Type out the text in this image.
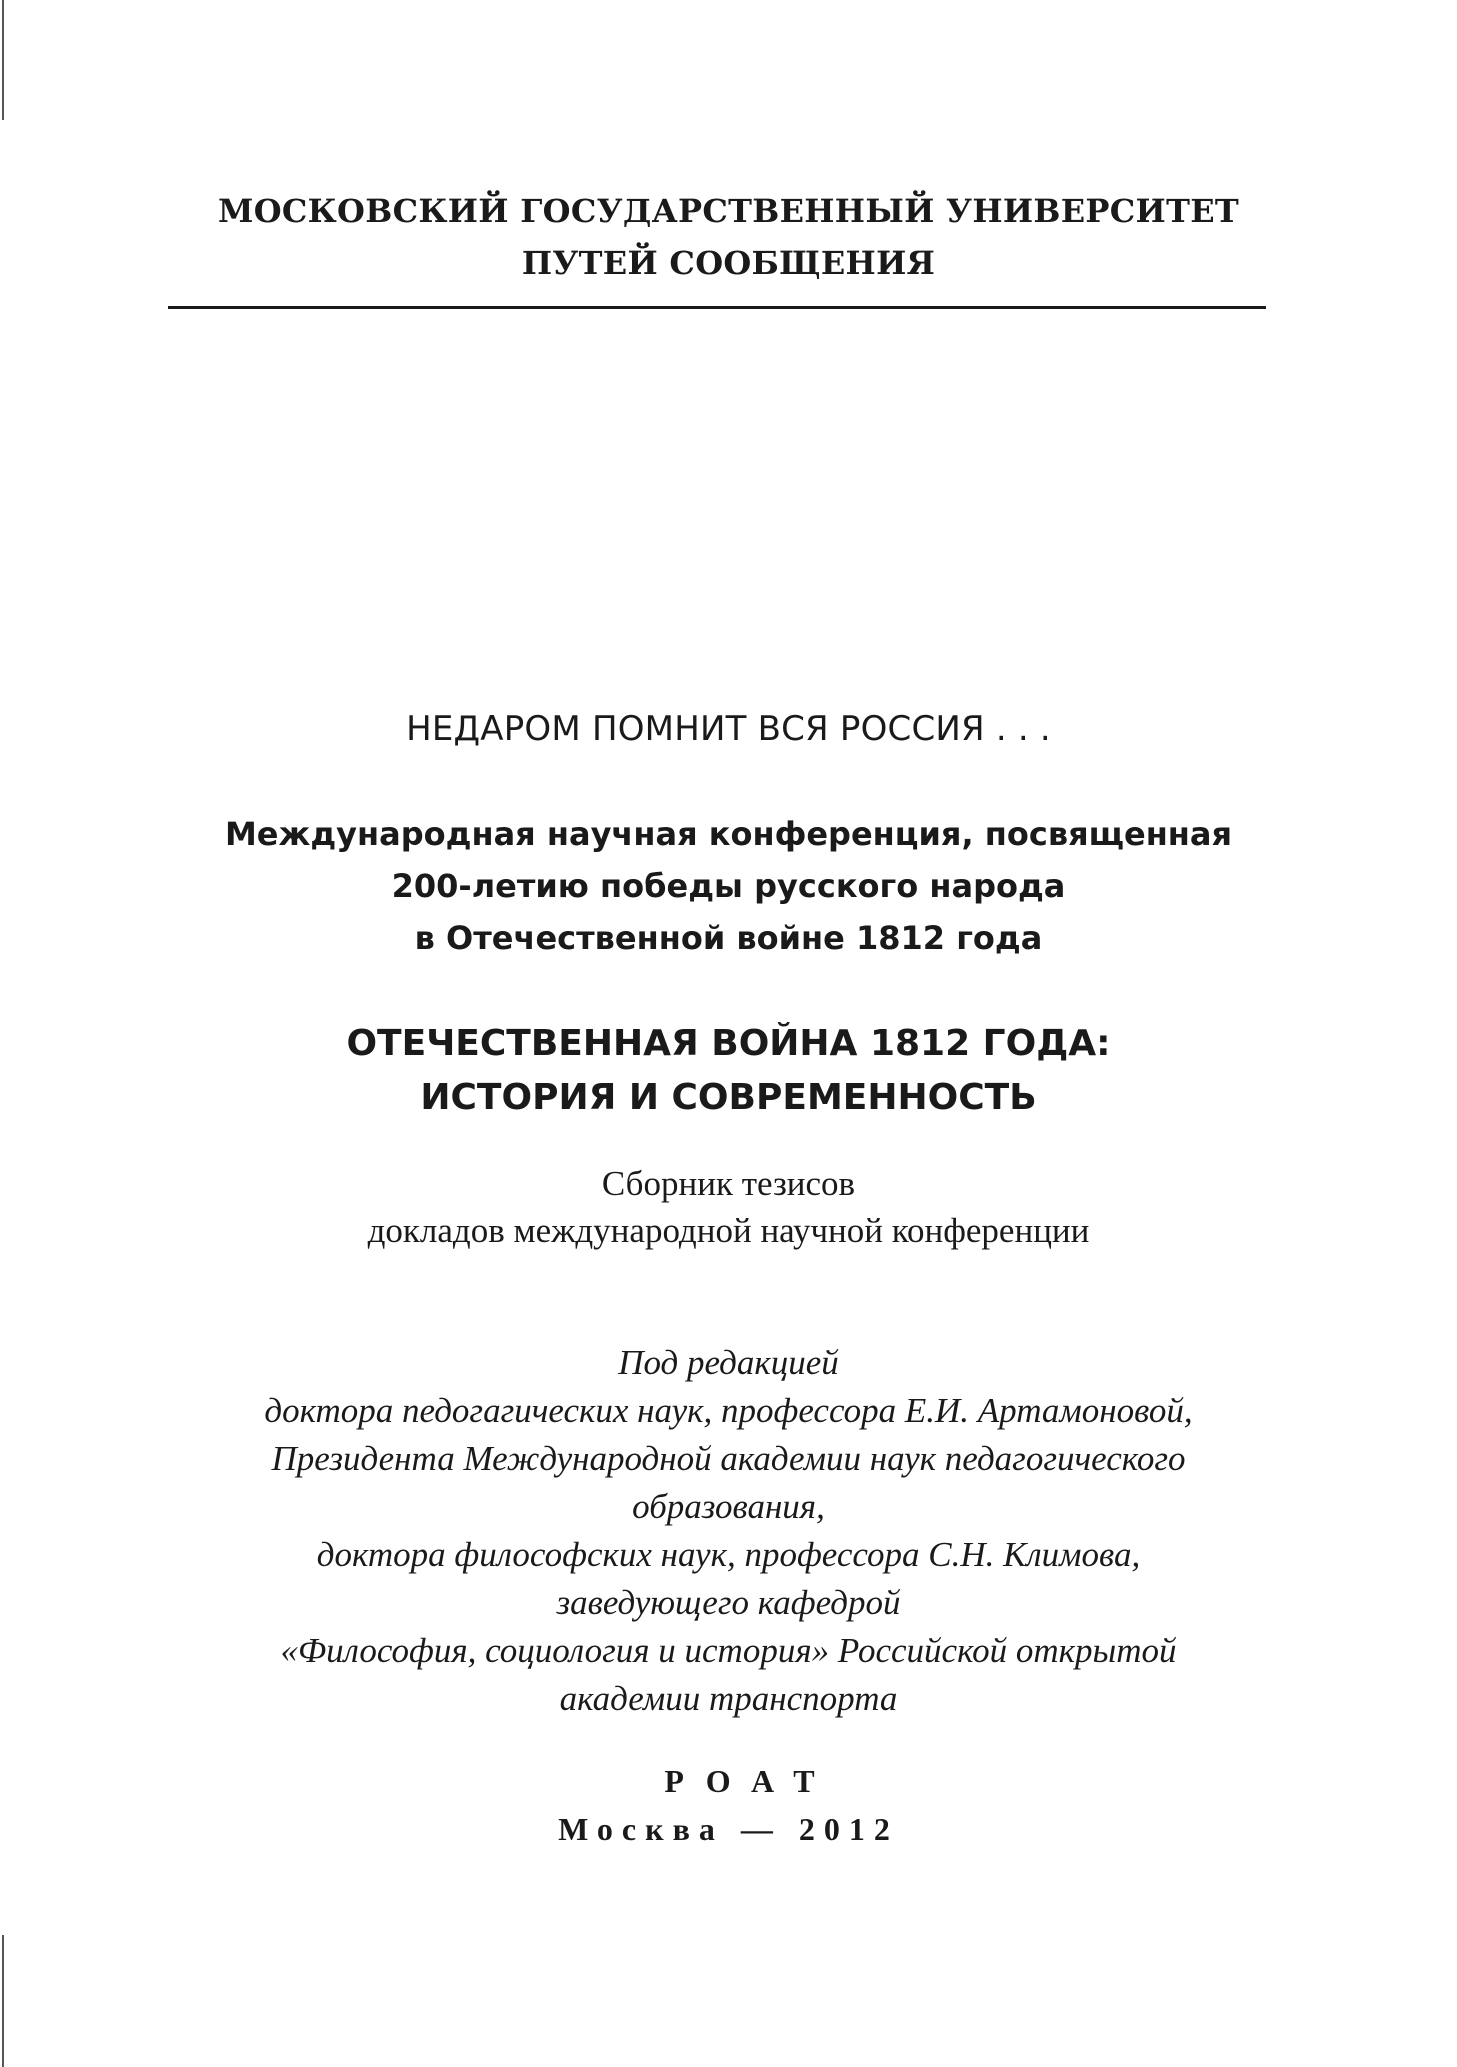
МОСКОВСКИЙ ГОСУДАРСТВЕННЫЙ УНИВЕРСИТЕТ
ПУТЕЙ СООБЩЕНИЯ
НЕДАРОМ ПОМНИТ ВСЯ РОССИЯ . . .
Международная научная конференция, посвященная
200-летию победы русского народа
в Отечественной войне 1812 года
ОТЕЧЕСТВЕННАЯ ВОЙНА 1812 ГОДА:
ИСТОРИЯ И СОВРЕМЕННОСТЬ
Сборник тезисов
докладов международной научной конференции
Под редакцией
доктора педогагических наук, профессора Е.И. Артамоновой,
Президента Международной академии наук педагогического
образования,
доктора философских наук, профессора С.Н. Климова,
заведующего кафедрой
«Философия, социология и история» Российской открытой
академии транспорта
РОАТ
Москва — 2012
